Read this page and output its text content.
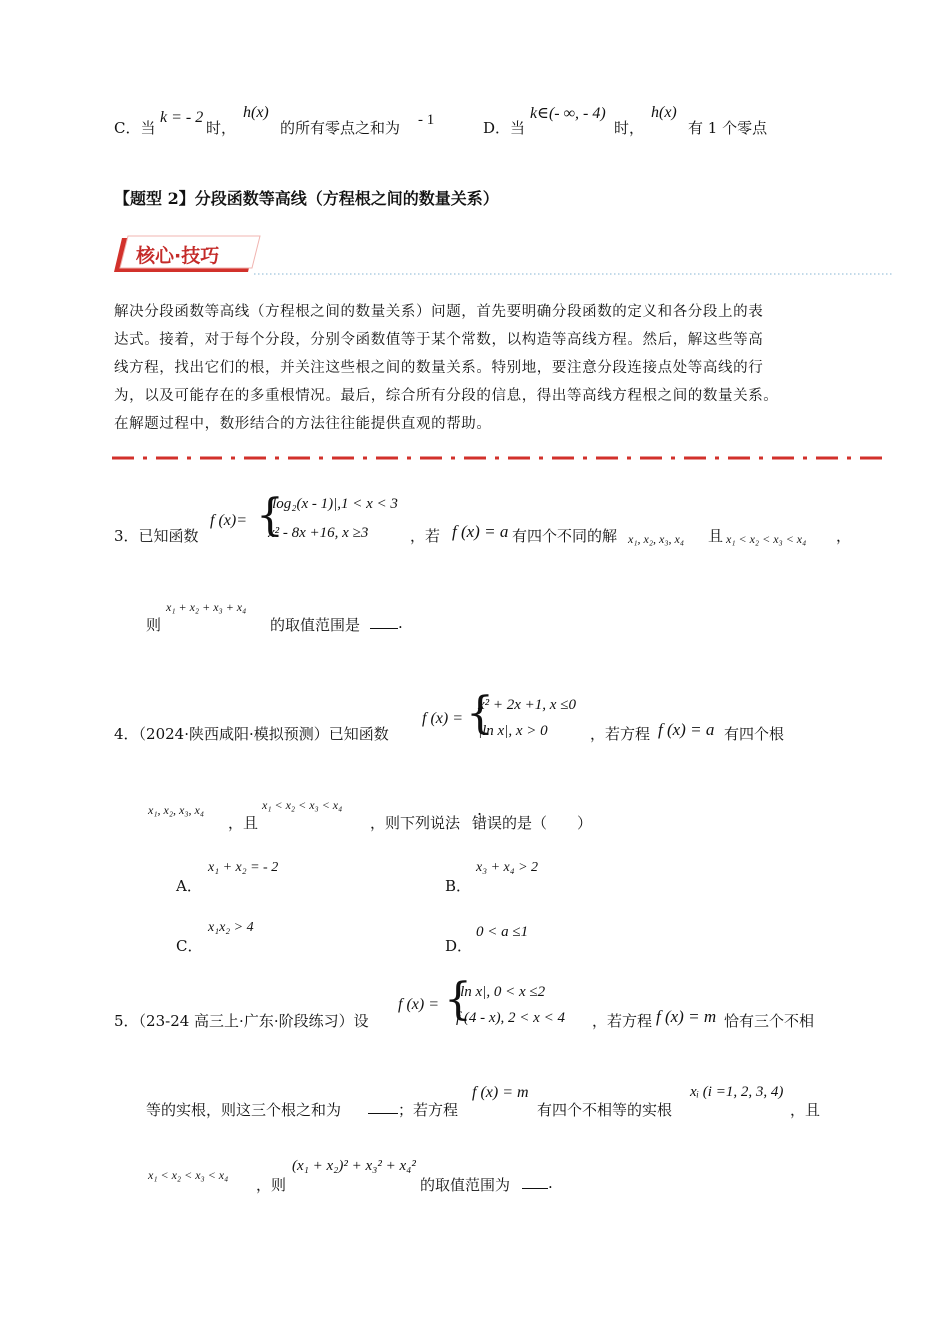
C．当
k = - 2
时，
h(x)
的所有零点之和为 - 1	D．当
k∈(- ∞, - 4)
时，
h(x)
有 1 个零点
【题型 2】分段函数等高线（方程根之间的数量关系）
核心·技巧
解决分段函数等高线（方程根之间的数量关系）问题，首先要明确分段函数的定义和各分段上的表
达式。接着，对于每个分段，分别令函数值等于某个常数，以构造等高线方程。然后，解这些等高
线方程，找出它们的根，并关注这些根之间的数量关系。特别地，要注意分段连接点处等高线的行
为，以及可能存在的多重根情况。最后，综合所有分段的信息，得出等高线方程根之间的数量关系。
在解题过程中，数形结合的方法往往能提供直观的帮助。
3．已知函数
f (x)= {
|log₂(x - 1)|,1 < x < 3
x² - 8x +16, x ≥3	，若 f (x) = a 有四个不同的解 x₁, x₂, x₃, x₄ 且 x₁ < x₂ < x₃ < x₄ ，
则
x₁ + x₂ + x₃ + x₄
的取值范围是	.
4．（2024·陕西咸阳·模拟预测）已知函数
f (x) = {
x² + 2x +1, x ≤0
|ln x|, x > 0	，若方程 f (x) = a 有四个根
x₁, x₂, x₃, x₄
，且
x₁ < x₂ < x₃ < x₄
，则下列说法 错误 的是（　　）
A．
x₁ + x₂ = - 2
B．
x₃ + x₄ > 2
C．
x₁x₂ > 4
D．
0 < a ≤1
5．（23-24 高三上·广东·阶段练习）设
f (x) = {
|ln x|, 0 < x ≤2
f (4 - x), 2 < x < 4 ，若方程 f (x) = m 恰有三个不相
等的实根，则这三个根之和为	；若方程
f (x) = m
有四个不相等的实根
xᵢ (i =1, 2, 3, 4)
，且
x₁ < x₂ < x₃ < x₄
，则
(x₁ + x₂)² + x₃² + x₄²
的取值范围为	.
